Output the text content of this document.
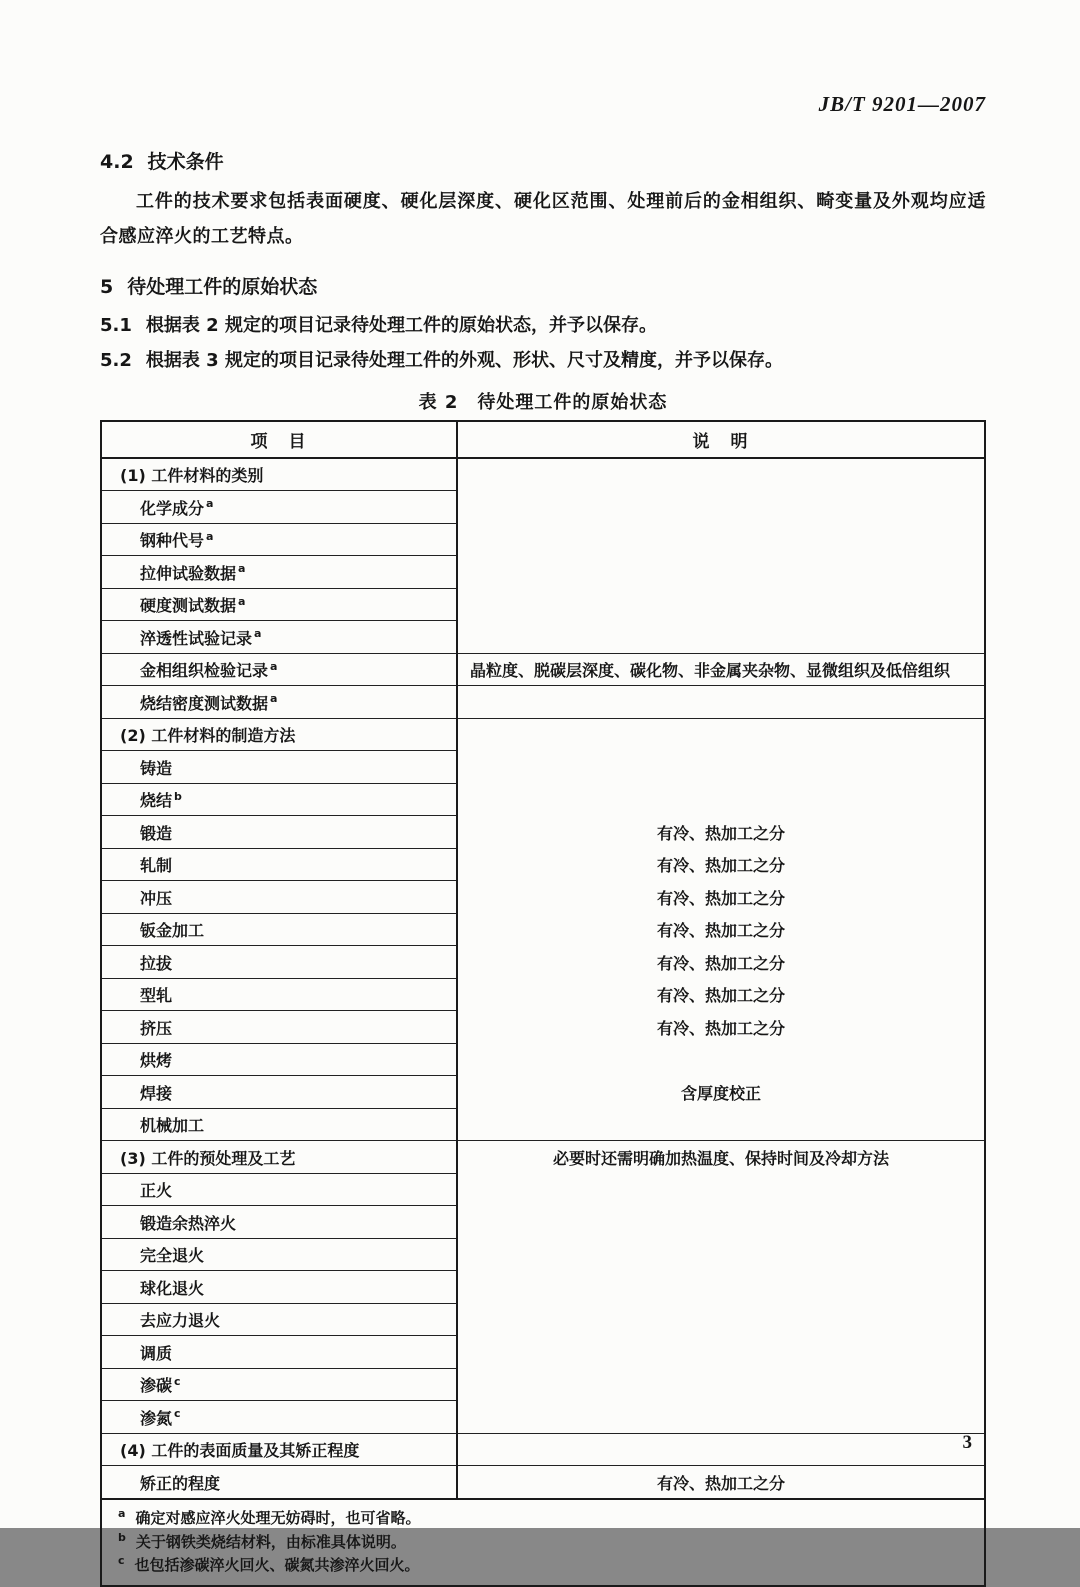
JB/T 9201—2007
4.2 技术条件

工件的技术要求包括表面硬度、硬化层深度、硬化区范围、处理前后的金相组织、畸变量及外观均应适合感应淬火的工艺特点。

5 待处理工件的原始状态
5.1 根据表 2 规定的项目记录待处理工件的原始状态，并予以保存。
5.2 根据表 3 规定的项目记录待处理工件的外观、形状、尺寸及精度，并予以保存。
表 2　待处理工件的原始状态
项　目	说　明
(1) 工件材料的类别	
化学成分 $^a$	
钢种代号 $^a$	
拉伸试验数据 $^a$	
硬度测试数据 $^a$	
淬透性试验记录 $^a$	
金相组织检验记录 $^a$	晶粒度、脱碳层深度、碳化物、非金属夹杂物、显微组织及低倍组织
烧结密度测试数据 $^a$	
(2) 工件材料的制造方法	
铸造	
烧结 $^b$	
锻造	有冷、热加工之分
轧制	有冷、热加工之分
冲压	有冷、热加工之分
钣金加工	有冷、热加工之分
拉拔	有冷、热加工之分
型轧	有冷、热加工之分
挤压	有冷、热加工之分
烘烤	
焊接	含厚度校正
机械加工	
(3) 工件的预处理及工艺	必要时还需明确加热温度、保持时间及冷却方法
正火	
锻造余热淬火	
完全退火	
球化退火	
去应力退火	
调质	
渗碳 $^c$	
渗氮 $^c$	
(4) 工件的表面质量及其矫正程度	
矫正的程度	有冷、热加工之分

$^a$ 确定对感应淬火处理无妨碍时，也可省略。
$^b$ 关于钢铁类烧结材料，由标准具体说明。
$^c$ 也包括渗碳淬火回火、碳氮共渗淬火回火。	
3
